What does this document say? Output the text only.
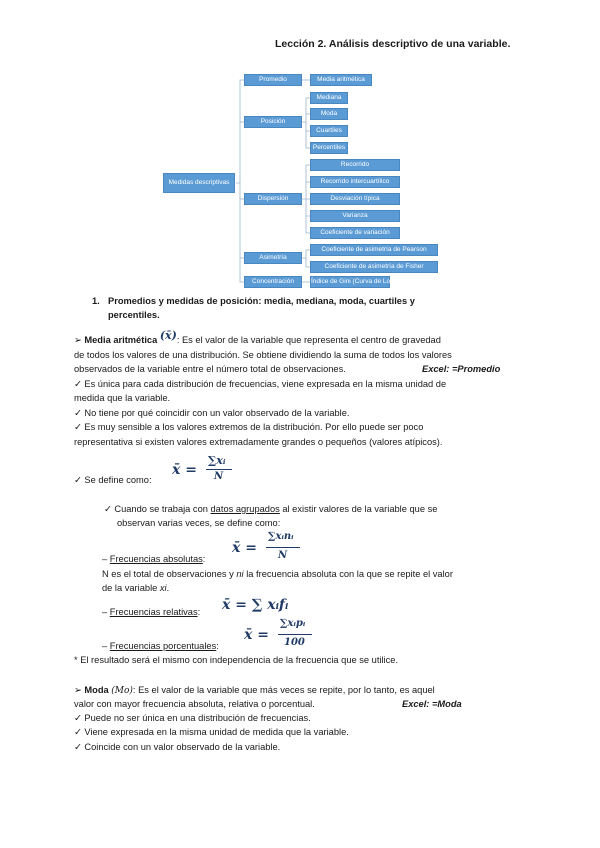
Lección 2. Análisis descriptivo de una variable.
Medidas descriptivas
Promedio	Media aritmética
Posición
Mediana
Moda
Cuartiles
Percentiles
Dispersión
Recorrido
Recorrido intercuartílico
Desviación típica
Varianza
Coeficiente de variación
Asimetría
Coeficiente de asimetría de Pearson
Coeficiente de asimetría de Fisher
Concentración	Índice de Gini (Curva de Lorenz)
1. Promedios y medidas de posición: media, mediana, moda, cuartiles y
percentiles.
➢ Media aritmética (x̄): Es el valor de la variable que representa el centro de gravedad
de todos los valores de una distribución. Se obtiene dividiendo la suma de todos los valores
observados de la variable entre el número total de observaciones.	Excel: =Promedio
✓ Es única para cada distribución de frecuencias, viene expresada en la misma unidad de
medida que la variable.
✓ No tiene por qué coincidir con un valor observado de la variable.
✓ Es muy sensible a los valores extremos de la distribución. Por ello puede ser poco
representativa si existen valores extremadamente grandes o pequeños (valores atípicos).
✓ Se define como:
x̄ =
∑xᵢ
N
✓ Cuando se trabaja con datos agrupados al existir valores de la variable que se
observan varias veces, se define como:
– Frecuencias absolutas:
x̄ =
∑xᵢnᵢ
N
N es el total de observaciones y ni la frecuencia absoluta con la que se repite el valor
de la variable xi.
– Frecuencias relativas: x̄ = ∑ xᵢfᵢ
– Frecuencias porcentuales:
x̄ =
∑xᵢpᵢ
100
* El resultado será el mismo con independencia de la frecuencia que se utilice.
➢ Moda (Mo): Es el valor de la variable que más veces se repite, por lo tanto, es aquel
valor con mayor frecuencia absoluta, relativa o porcentual.	Excel: =Moda
✓ Puede no ser única en una distribución de frecuencias.
✓ Viene expresada en la misma unidad de medida que la variable.
✓ Coincide con un valor observado de la variable.
